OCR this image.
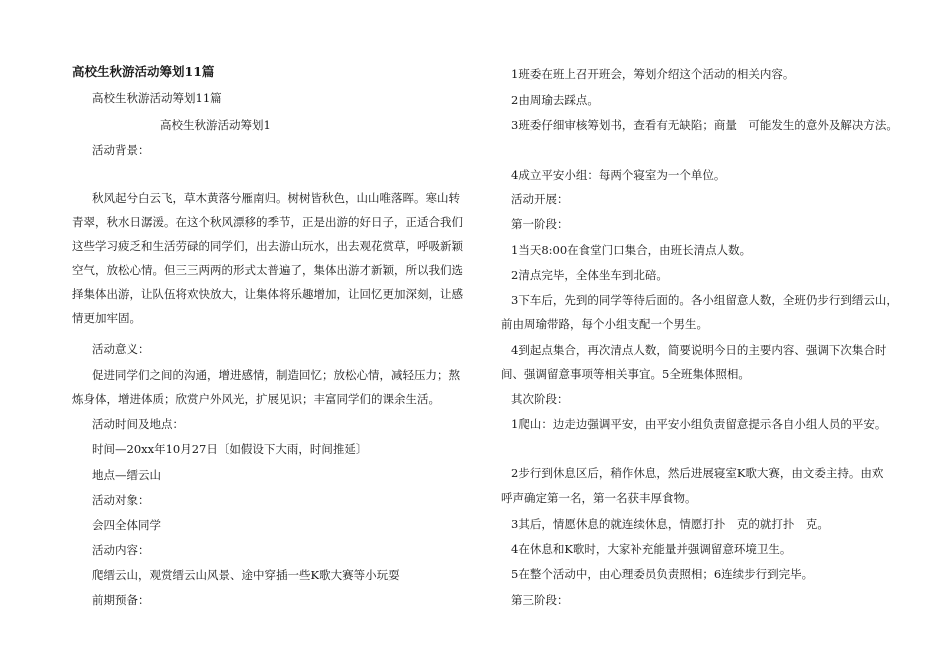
高校生秋游活动筹划11篇
高校生秋游活动筹划11篇
高校生秋游活动筹划1
活动背景：
秋风起兮白云飞，草木黄落兮雁南归。树树皆秋色，山山唯落晖。寒山转
青翠，秋水日潺湲。在这个秋风漂移的季节，正是出游的好日子，正适合我们
这些学习疲乏和生活劳碌的同学们，出去游山玩水，出去观花赏草，呼吸新颖
空气，放松心情。但三三两两的形式太普遍了，集体出游才新颖，所以我们选
择集体出游，让队伍将欢快放大，让集体将乐趣增加，让回忆更加深刻，让感
情更加牢固。
活动意义：
促进同学们之间的沟通，增进感情，制造回忆；放松心情，减轻压力；熬
炼身体，增进体质；欣赏户外风光，扩展见识；丰富同学们的课余生活。
活动时间及地点：
时间—20xx年10月27日〔如假设下大雨，时间推延〕
地点—缙云山
活动对象：
会四全体同学
活动内容：
爬缙云山，观赏缙云山风景、途中穿插一些K歌大赛等小玩耍
前期预备：
1班委在班上召开班会，筹划介绍这个活动的相关内容。
2由周瑜去踩点。
3班委仔细审核筹划书，查看有无缺陷；商量　可能发生的意外及解决方法。
4成立平安小组：每两个寝室为一个单位。
活动开展：
第一阶段：
1当天8:00在食堂门口集合，由班长清点人数。
2清点完毕，全体坐车到北碚。
3下车后，先到的同学等待后面的。各小组留意人数，全班仍步行到缙云山，
前由周瑜带路，每个小组支配一个男生。
4到起点集合，再次清点人数，简要说明今日的主要内容、强调下次集合时
间、强调留意事项等相关事宜。5全班集体照相。
其次阶段：
1爬山：边走边强调平安，由平安小组负责留意提示各自小组人员的平安。
2步行到休息区后，稍作休息，然后进展寝室K歌大赛，由文委主持。由欢
呼声确定第一名，第一名获丰厚食物。
3其后，情愿休息的就连续休息，情愿打扑　克的就打扑　克。
4在休息和K歌时，大家补充能量并强调留意环境卫生。
5在整个活动中，由心理委员负责照相；6连续步行到完毕。
第三阶段：
